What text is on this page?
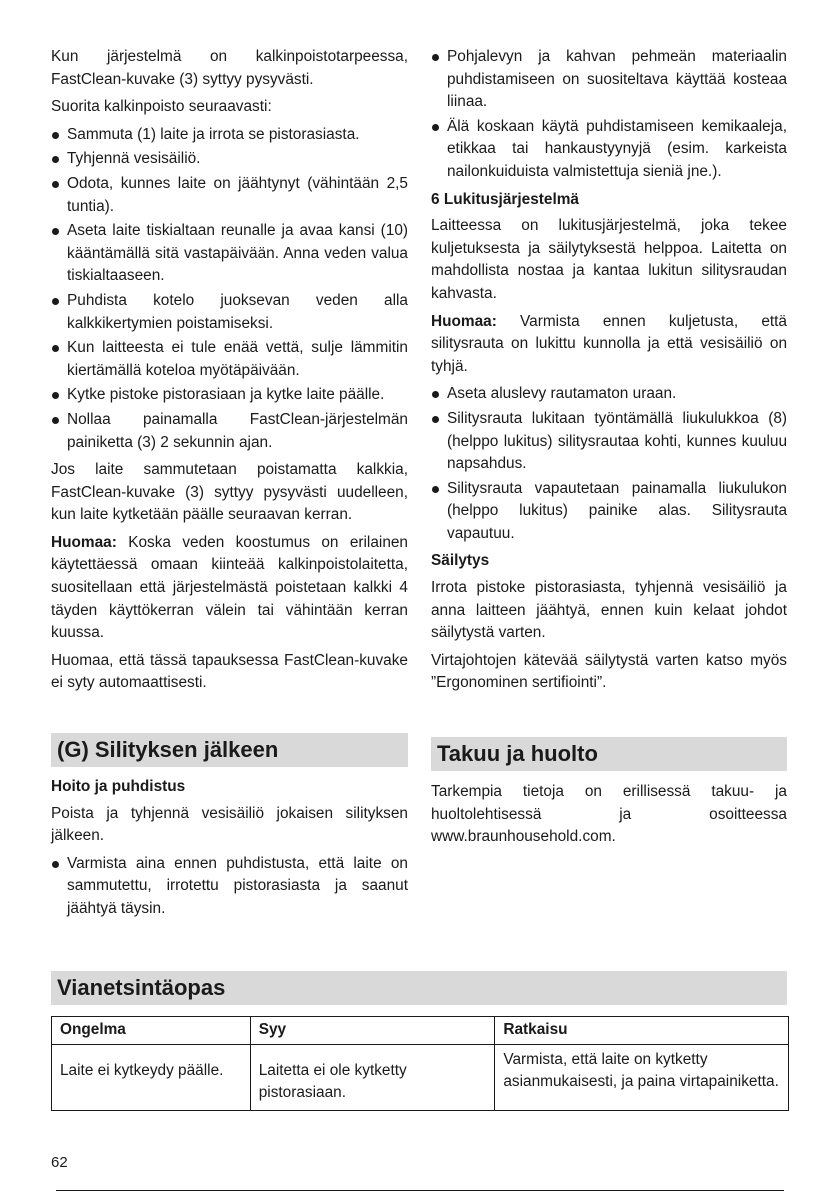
Kun järjestelmä on kalkinpoistotarpeessa, FastClean-kuvake (3) syttyy pysyvästi.

Suorita kalkinpoisto seuraavasti:

Sammuta (1) laite ja irrota se pistorasiasta.
Tyhjennä vesisäiliö.
Odota, kunnes laite on jäähtynyt (vähintään 2,5 tuntia).
Aseta laite tiskialtaan reunalle ja avaa kansi (10) kääntämällä sitä vastapäivään. Anna veden valua tiskialtaaseen.
Puhdista kotelo juoksevan veden alla kalkkikertymien poistamiseksi.
Kun laitteesta ei tule enää vettä, sulje lämmitin kiertämällä koteloa myötäpäivään.
Kytke pistoke pistorasiaan ja kytke laite päälle.
Nollaa painamalla FastClean-järjestelmän painiketta (3) 2 sekunnin ajan.

Jos laite sammutetaan poistamatta kalkkia, FastClean-kuvake (3) syttyy pysyvästi uudelleen, kun laite kytketään päälle seuraavan kerran.

Huomaa: Koska veden koostumus on erilainen käytettäessä omaan kiinteää kalkinpoistolaitetta, suositellaan että järjestelmästä poistetaan kalkki 4 täyden käyttökerran välein tai vähintään kerran kuussa.

Huomaa, että tässä tapauksessa FastClean-kuvake ei syty automaattisesti.

(G) Silityksen jälkeen

Hoito ja puhdistus

Poista ja tyhjennä vesisäiliö jokaisen silityksen jälkeen.

Varmista aina ennen puhdistusta, että laite on sammutettu, irrotettu pistorasiasta ja saanut jäähtyä täysin.
Pohjalevyn ja kahvan pehmeän materiaalin puhdistamiseen on suositeltava käyttää kosteaa liinaa.
Älä koskaan käytä puhdistamiseen kemikaaleja, etikkaa tai hankaustyynyjä (esim. karkeista nailonkuiduista valmistettuja sieniä jne.).

6 Lukitusjärjestelmä

Laitteessa on lukitusjärjestelmä, joka tekee kuljetuksesta ja säilytyksestä helppoa. Laitetta on mahdollista nostaa ja kantaa lukitun silitysraudan kahvasta.

Huomaa: Varmista ennen kuljetusta, että silitysrauta on lukittu kunnolla ja että vesisäiliö on tyhjä.

Aseta aluslevy rautamaton uraan.
Silitysrauta lukitaan työntämällä liukulukkoa (8) (helppo lukitus) silitysrautaa kohti, kunnes kuuluu napsahdus.
Silitysrauta vapautetaan painamalla liukulukon (helppo lukitus) painike alas. Silitysrauta vapautuu.

Säilytys

Irrota pistoke pistorasiasta, tyhjennä vesisäiliö ja anna laitteen jäähtyä, ennen kuin kelaat johdot säilytystä varten.

Virtajohtojen kätevää säilytystä varten katso myös ”Ergonominen sertifiointi”.

Takuu ja huolto

Tarkempia tietoja on erillisessä takuu- ja huoltolehtisessä ja osoitteessa www.braunhousehold.com.

Vianetsintäopas
Ongelma	Syy	Ratkaisu
Laite ei kytkeydy päälle.	Laitetta ei ole kytketty pistorasiaan.	Varmista, että laite on kytketty asianmukaisesti, ja paina virtapainiketta.
62
